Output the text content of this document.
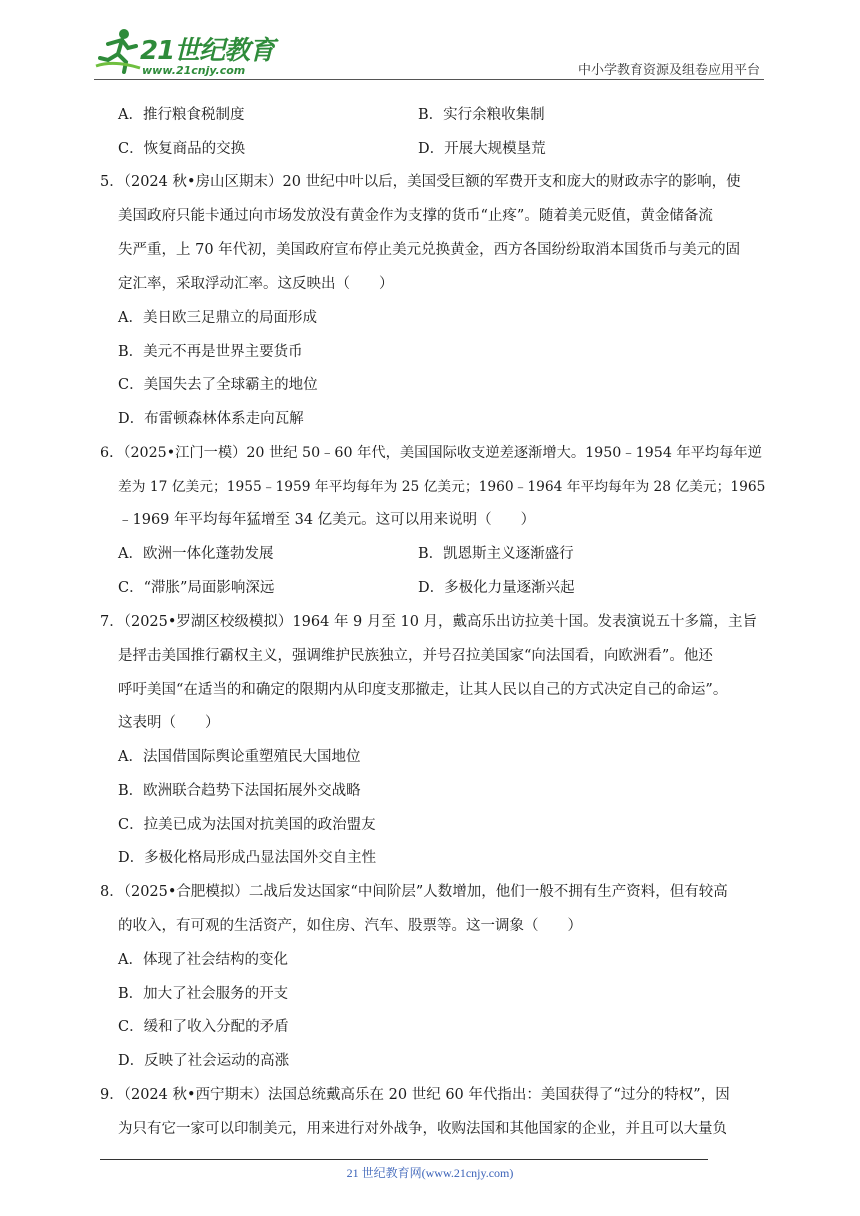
21世纪教育
www.21cnjy.com	中小学教育资源及组卷应用平台
A．推行粮食税制度	B．实行余粮收集制
C．恢复商品的交换	D．开展大规模垦荒
5．（2024 秋•房山区期末）20 世纪中叶以后，美国受巨额的军费开支和庞大的财政赤字的影响，使
美国政府只能卡通过向市场发放没有黄金作为支撑的货币“止疼”。随着美元贬值，黄金储备流
失严重，上 70 年代初，美国政府宣布停止美元兑换黄金，西方各国纷纷取消本国货币与美元的固
定汇率，采取浮动汇率。这反映出（　　）
A．美日欧三足鼎立的局面形成
B．美元不再是世界主要货币
C．美国失去了全球霸主的地位
D．布雷顿森林体系走向瓦解
6．（2025•江门一模）20 世纪 50﹣60 年代，美国国际收支逆差逐渐增大。1950﹣1954 年平均每年逆
差为 17 亿美元；1955﹣1959 年平均每年为 25 亿美元；1960﹣1964 年平均每年为 28 亿美元；1965
﹣1969 年平均每年猛增至 34 亿美元。这可以用来说明（　　）
A．欧洲一体化蓬勃发展	B．凯恩斯主义逐渐盛行
C．“滞胀”局面影响深远	D．多极化力量逐渐兴起
7．（2025•罗湖区校级模拟）1964 年 9 月至 10 月，戴高乐出访拉美十国。发表演说五十多篇，主旨
是抨击美国推行霸权主义，强调维护民族独立，并号召拉美国家“向法国看，向欧洲看”。他还
呼吁美国“在适当的和确定的限期内从印度支那撤走，让其人民以自己的方式决定自己的命运”。
这表明（　　）
A．法国借国际舆论重塑殖民大国地位
B．欧洲联合趋势下法国拓展外交战略
C．拉美已成为法国对抗美国的政治盟友
D．多极化格局形成凸显法国外交自主性
8．（2025•合肥模拟）二战后发达国家“中间阶层”人数增加，他们一般不拥有生产资料，但有较高
的收入，有可观的生活资产，如住房、汽车、股票等。这一调象（　　）
A．体现了社会结构的变化
B．加大了社会服务的开支
C．缓和了收入分配的矛盾
D．反映了社会运动的高涨
9．（2024 秋•西宁期末）法国总统戴高乐在 20 世纪 60 年代指出：美国获得了“过分的特权”，因
为只有它一家可以印制美元，用来进行对外战争，收购法国和其他国家的企业，并且可以大量负
21 世纪教育网(www.21cnjy.com)
